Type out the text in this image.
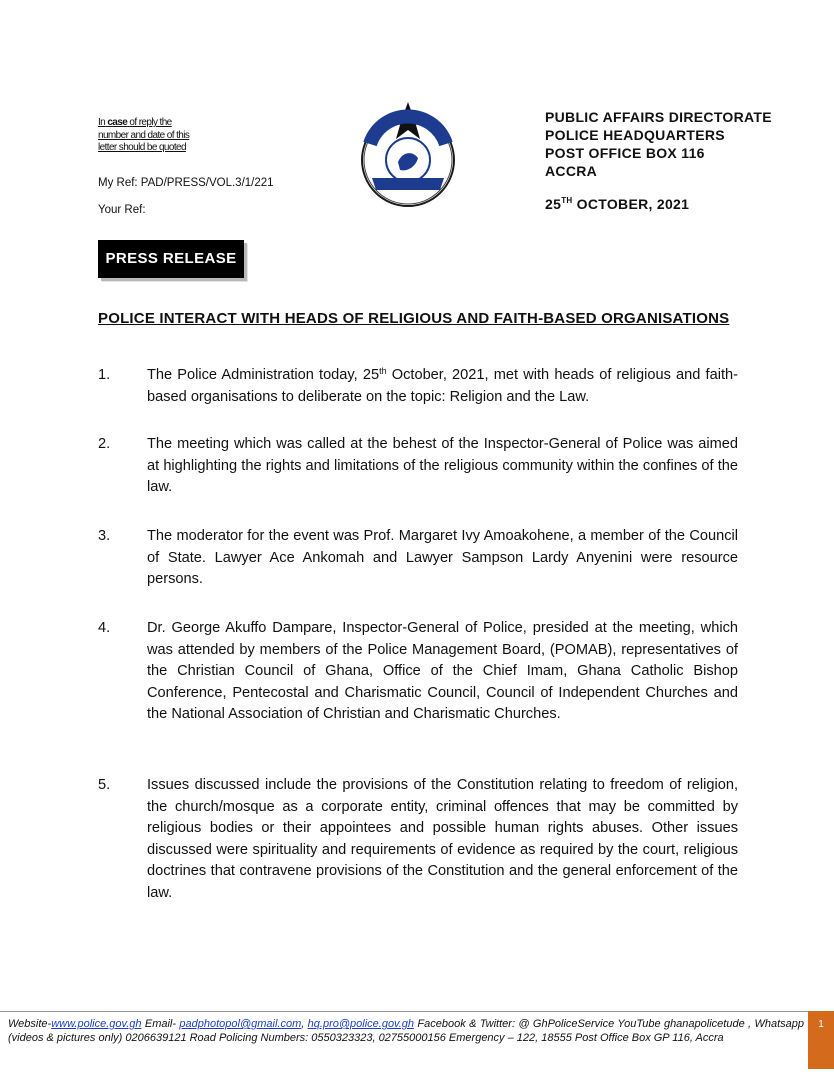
In case of reply the
number and date of this
letter should be quoted
My Ref: PAD/PRESS/VOL.3/1/221
Your Ref:
PUBLIC AFFAIRS DIRECTORATE
POLICE HEADQUARTERS
POST OFFICE BOX 116
ACCRA
25TH OCTOBER, 2021
PRESS RELEASE
POLICE INTERACT WITH HEADS OF RELIGIOUS AND FAITH-BASED ORGANISATIONS
1.	The Police Administration today, 25th October, 2021, met with heads of religious and faith-based organisations to deliberate on the topic: Religion and the Law.
2.	The meeting which was called at the behest of the Inspector-General of Police was aimed at highlighting the rights and limitations of the religious community within the confines of the law.
3.	The moderator for the event was Prof. Margaret Ivy Amoakohene, a member of the Council of State. Lawyer Ace Ankomah and Lawyer Sampson Lardy Anyenini were resource persons.
4.	Dr. George Akuffo Dampare, Inspector-General of Police, presided at the meeting, which was attended by members of the Police Management Board, (POMAB), representatives of the Christian Council of Ghana, Office of the Chief Imam, Ghana Catholic Bishop Conference, Pentecostal and Charismatic Council, Council of Independent Churches and the National Association of Christian and Charismatic Churches.
5.	Issues discussed include the provisions of the Constitution relating to freedom of religion, the church/mosque as a corporate entity, criminal offences that may be committed by religious bodies or their appointees and possible human rights abuses. Other issues discussed were spirituality and requirements of evidence as required by the court, religious doctrines that contravene provisions of the Constitution and the general enforcement of the law.
Website-www.police.gov.gh Email- padphotopol@gmail.com, hq.pro@police.gov.gh Facebook & Twitter: @ GhPoliceService YouTube ghanapolicetude , Whatsapp (videos & pictures only) 0206639121 Road Policing Numbers: 0550323323, 02755000156 Emergency – 122, 18555 Post Office Box GP 116, Accra
1
